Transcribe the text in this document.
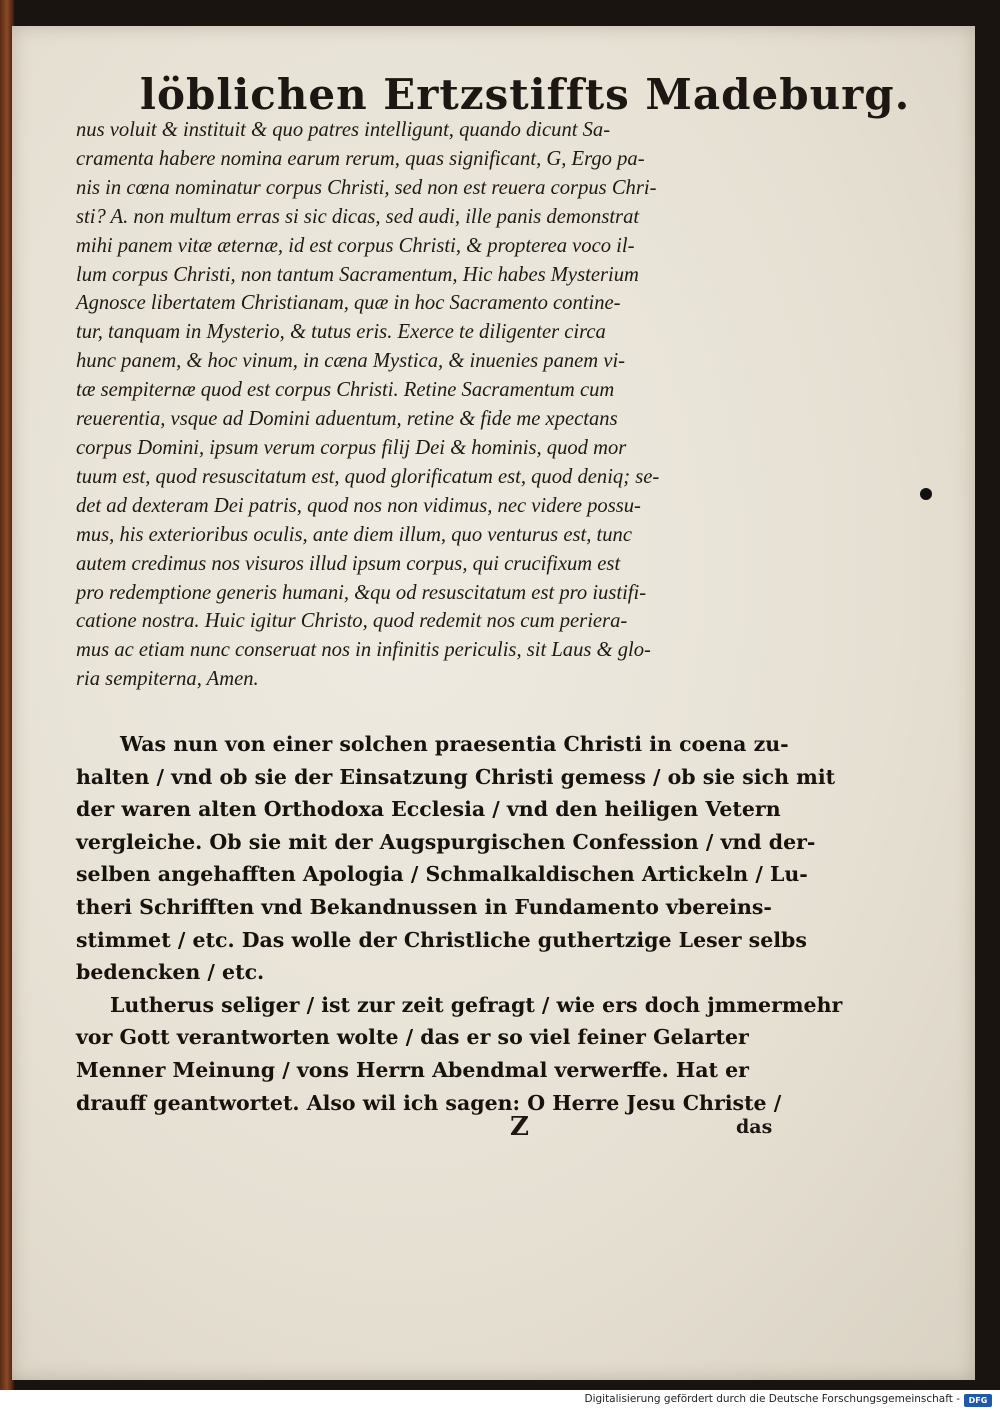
löblichen Ertzstiffts Madeburg.
nus voluit & instituit & quo patres intelligunt, quando dicunt Sa-
cramenta habere nomina earum rerum, quas significant, G, Ergo pa-
nis in cœna nominatur corpus Christi, sed non est reuera corpus Chri-
sti? A. non multum erras si sic dicas, sed audi, ille panis demonstrat
mihi panem vitæ æternæ, id est corpus Christi, & propterea voco il-
lum corpus Christi, non tantum Sacramentum, Hic habes Mysterium
Agnosce libertatem Christianam, quæ in hoc Sacramento contine-
tur, tanquam in Mysterio, & tutus eris. Exerce te diligenter circa
hunc panem, & hoc vinum, in cæna Mystica, & inuenies panem vi-
tæ sempiternæ quod est corpus Christi. Retine Sacramentum cum
reuerentia, vsque ad Domini aduentum, retine & fide me xpectans
corpus Domini, ipsum verum corpus filij Dei & hominis, quod mor
tuum est, quod resuscitatum est, quod glorificatum est, quod deniq; se-
det ad dexteram Dei patris, quod nos non vidimus, nec videre possu-
mus, his exterioribus oculis, ante diem illum, quo venturus est, tunc
autem credimus nos visuros illud ipsum corpus, qui crucifixum est
pro redemptione generis humani, &qu od resuscitatum est pro iustifi-
catione nostra. Huic igitur Christo, quod redemit nos cum periera-
mus ac etiam nunc conseruat nos in infinitis periculis, sit Laus & glo-
ria sempiterna, Amen.
Was nun von einer solchen praesentia Christi in coena zu-
halten / vnd ob sie der Einsatzung Christi gemess / ob sie sich mit
der waren alten Orthodoxa Ecclesia / vnd den heiligen Vetern
vergleiche. Ob sie mit der Augspurgischen Confession / vnd der-
selben angehafften Apologia / Schmalkaldischen Artickeln / Lu-
theri Schrifften vnd Bekandnussen in Fundamento vbereins-
stimmet / etc. Das wolle der Christliche guthertzige Leser selbs
bedencken / etc.
Lutherus seliger / ist zur zeit gefragt / wie ers doch jmmermehr
vor Gott verantworten wolte / das er so viel feiner Gelarter
Menner Meinung / vons Herrn Abendmal verwerffe. Hat er
drauff geantwortet. Also wil ich sagen: O Herre Jesu Christe /
Z	das
Digitalisierung gefördert durch die Deutsche Forschungsgemeinschaft -	DFG
